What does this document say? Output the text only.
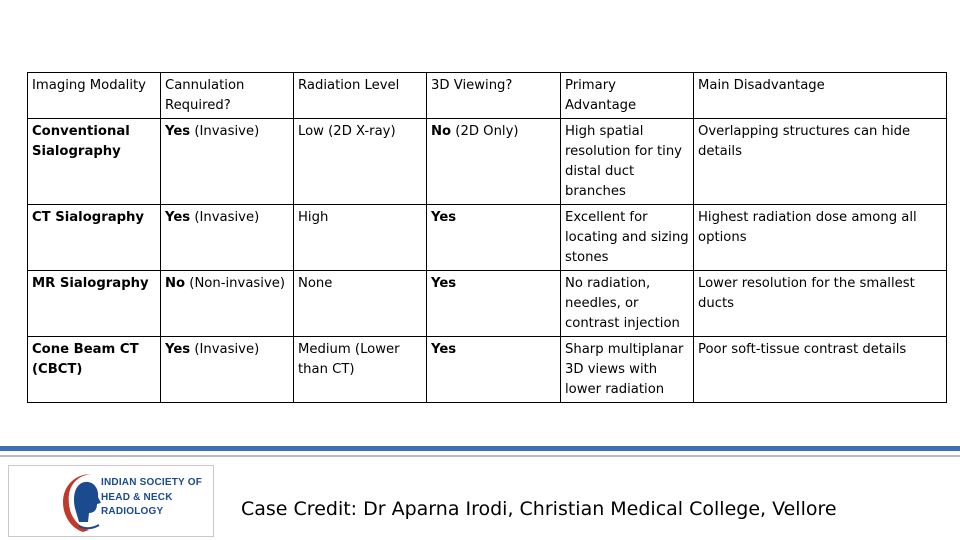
Imaging Modality	Cannulation Required?	Radiation Level	3D Viewing?	Primary Advantage	Main Disadvantage
Conventional Sialography	Yes (Invasive)	Low (2D X-ray)	No (2D Only)	High spatial resolution for tiny distal duct branches	Overlapping structures can hide details
CT Sialography	Yes (Invasive)	High	Yes	Excellent for locating and sizing stones	Highest radiation dose among all options
MR Sialography	No (Non-invasive)	None	Yes	No radiation, needles, or contrast injection	Lower resolution for the smallest ducts
Cone Beam CT (CBCT)	Yes (Invasive)	Medium (Lower than CT)	Yes	Sharp multiplanar 3D views with lower radiation	Poor soft-tissue contrast details
INDIAN SOCIETY OF
HEAD & NECK
RADIOLOGY	Case Credit: Dr Aparna Irodi, Christian Medical College, Vellore
